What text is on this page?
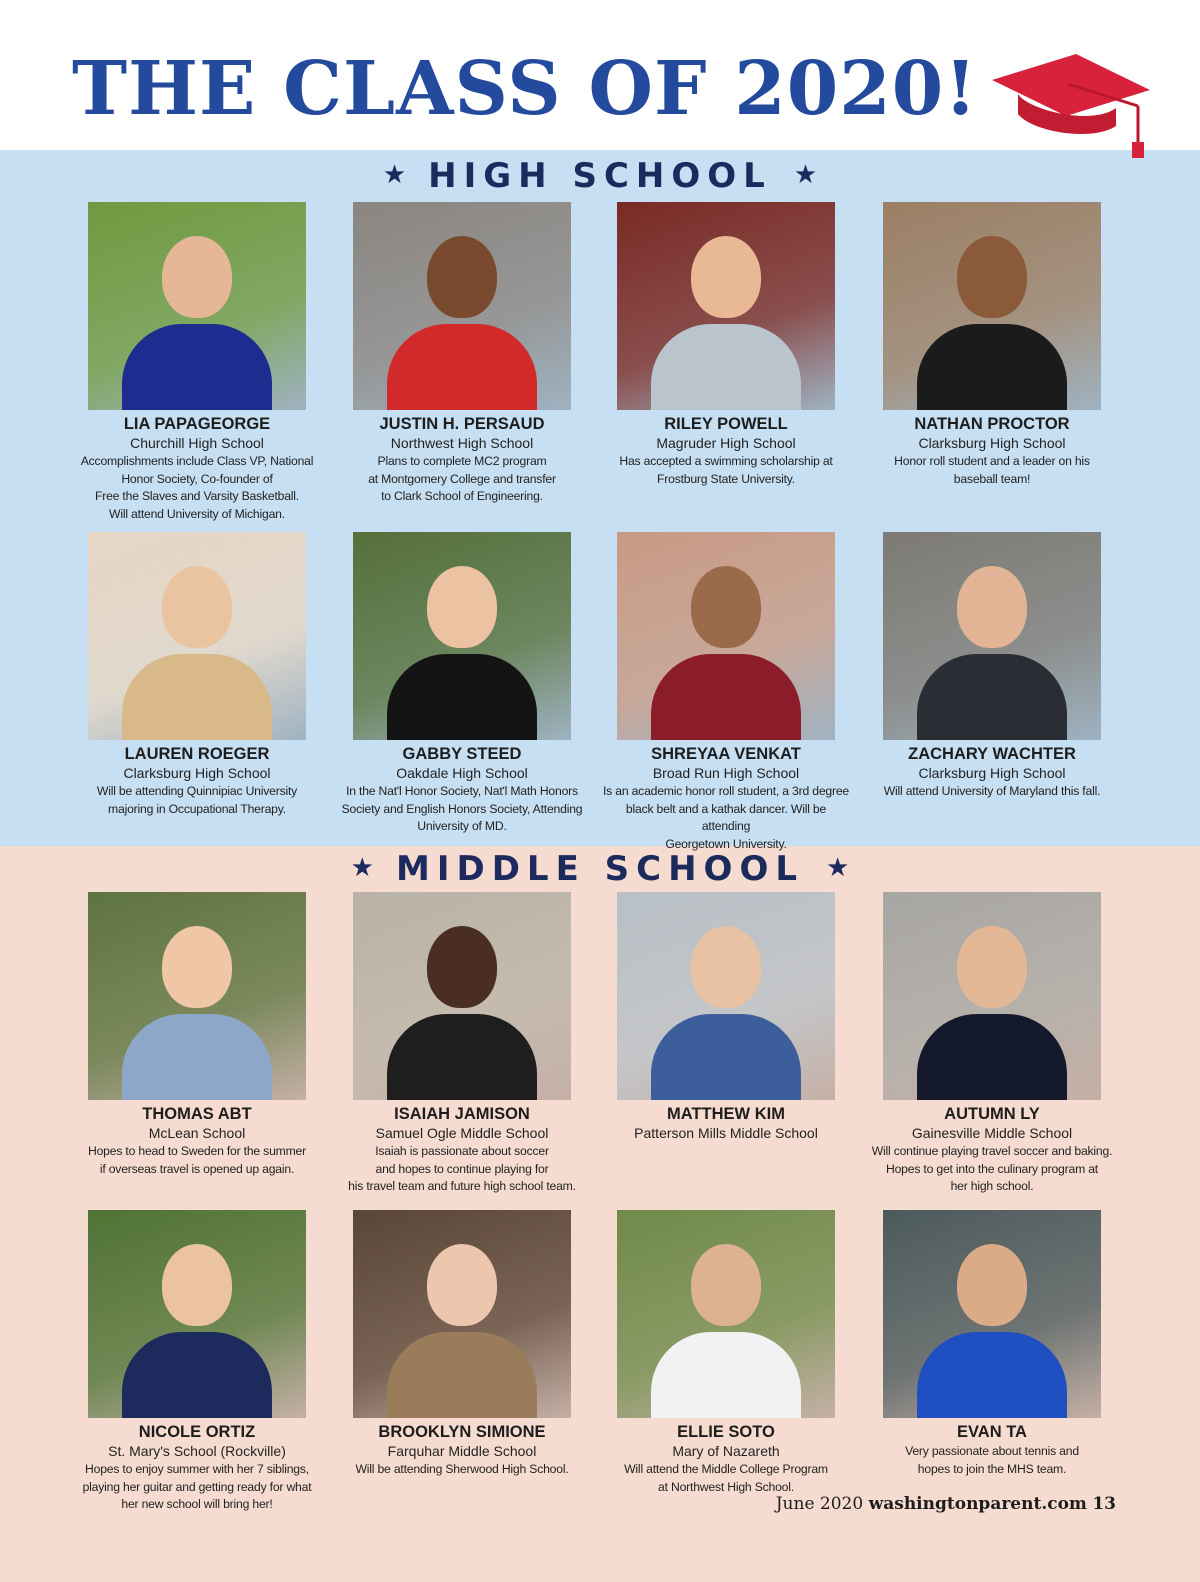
THE CLASS OF 2020!
★ HIGH SCHOOL ★
★ MIDDLE SCHOOL ★
LIA PAPAGEORGE
Churchill High School
Accomplishments include Class VP, National
Honor Society, Co-founder of
Free the Slaves and Varsity Basketball.
Will attend University of Michigan.
JUSTIN H. PERSAUD
Northwest High School
Plans to complete MC2 program
at Montgomery College and transfer
to Clark School of Engineering.
RILEY POWELL
Magruder High School
Has accepted a swimming scholarship at
Frostburg State University.
NATHAN PROCTOR
Clarksburg High School
Honor roll student and a leader on his
baseball team!
LAUREN ROEGER
Clarksburg High School
Will be attending Quinnipiac University
majoring in Occupational Therapy.
GABBY STEED
Oakdale High School
In the Nat'l Honor Society, Nat'l Math Honors
Society and English Honors Society, Attending
University of MD.
SHREYAA VENKAT
Broad Run High School
Is an academic honor roll student, a 3rd degree
black belt and a kathak dancer. Will be attending
Georgetown University.
ZACHARY WACHTER
Clarksburg High School
Will attend University of Maryland this fall.
THOMAS ABT
McLean School
Hopes to head to Sweden for the summer
if overseas travel is opened up again.
ISAIAH JAMISON
Samuel Ogle Middle School
Isaiah is passionate about soccer
and hopes to continue playing for
his travel team and future high school team.
MATTHEW KIM
Patterson Mills Middle School
AUTUMN LY
Gainesville Middle School
Will continue playing travel soccer and baking.
Hopes to get into the culinary program at
her high school.
NICOLE ORTIZ
St. Mary's School (Rockville)
Hopes to enjoy summer with her 7 siblings,
playing her guitar and getting ready for what
her new school will bring her!
BROOKLYN SIMIONE
Farquhar Middle School
Will be attending Sherwood High School.
ELLIE SOTO
Mary of Nazareth
Will attend the Middle College Program
at Northwest High School.
EVAN TA
Very passionate about tennis and
hopes to join the MHS team.
June 2020 washingtonparent.com 13
